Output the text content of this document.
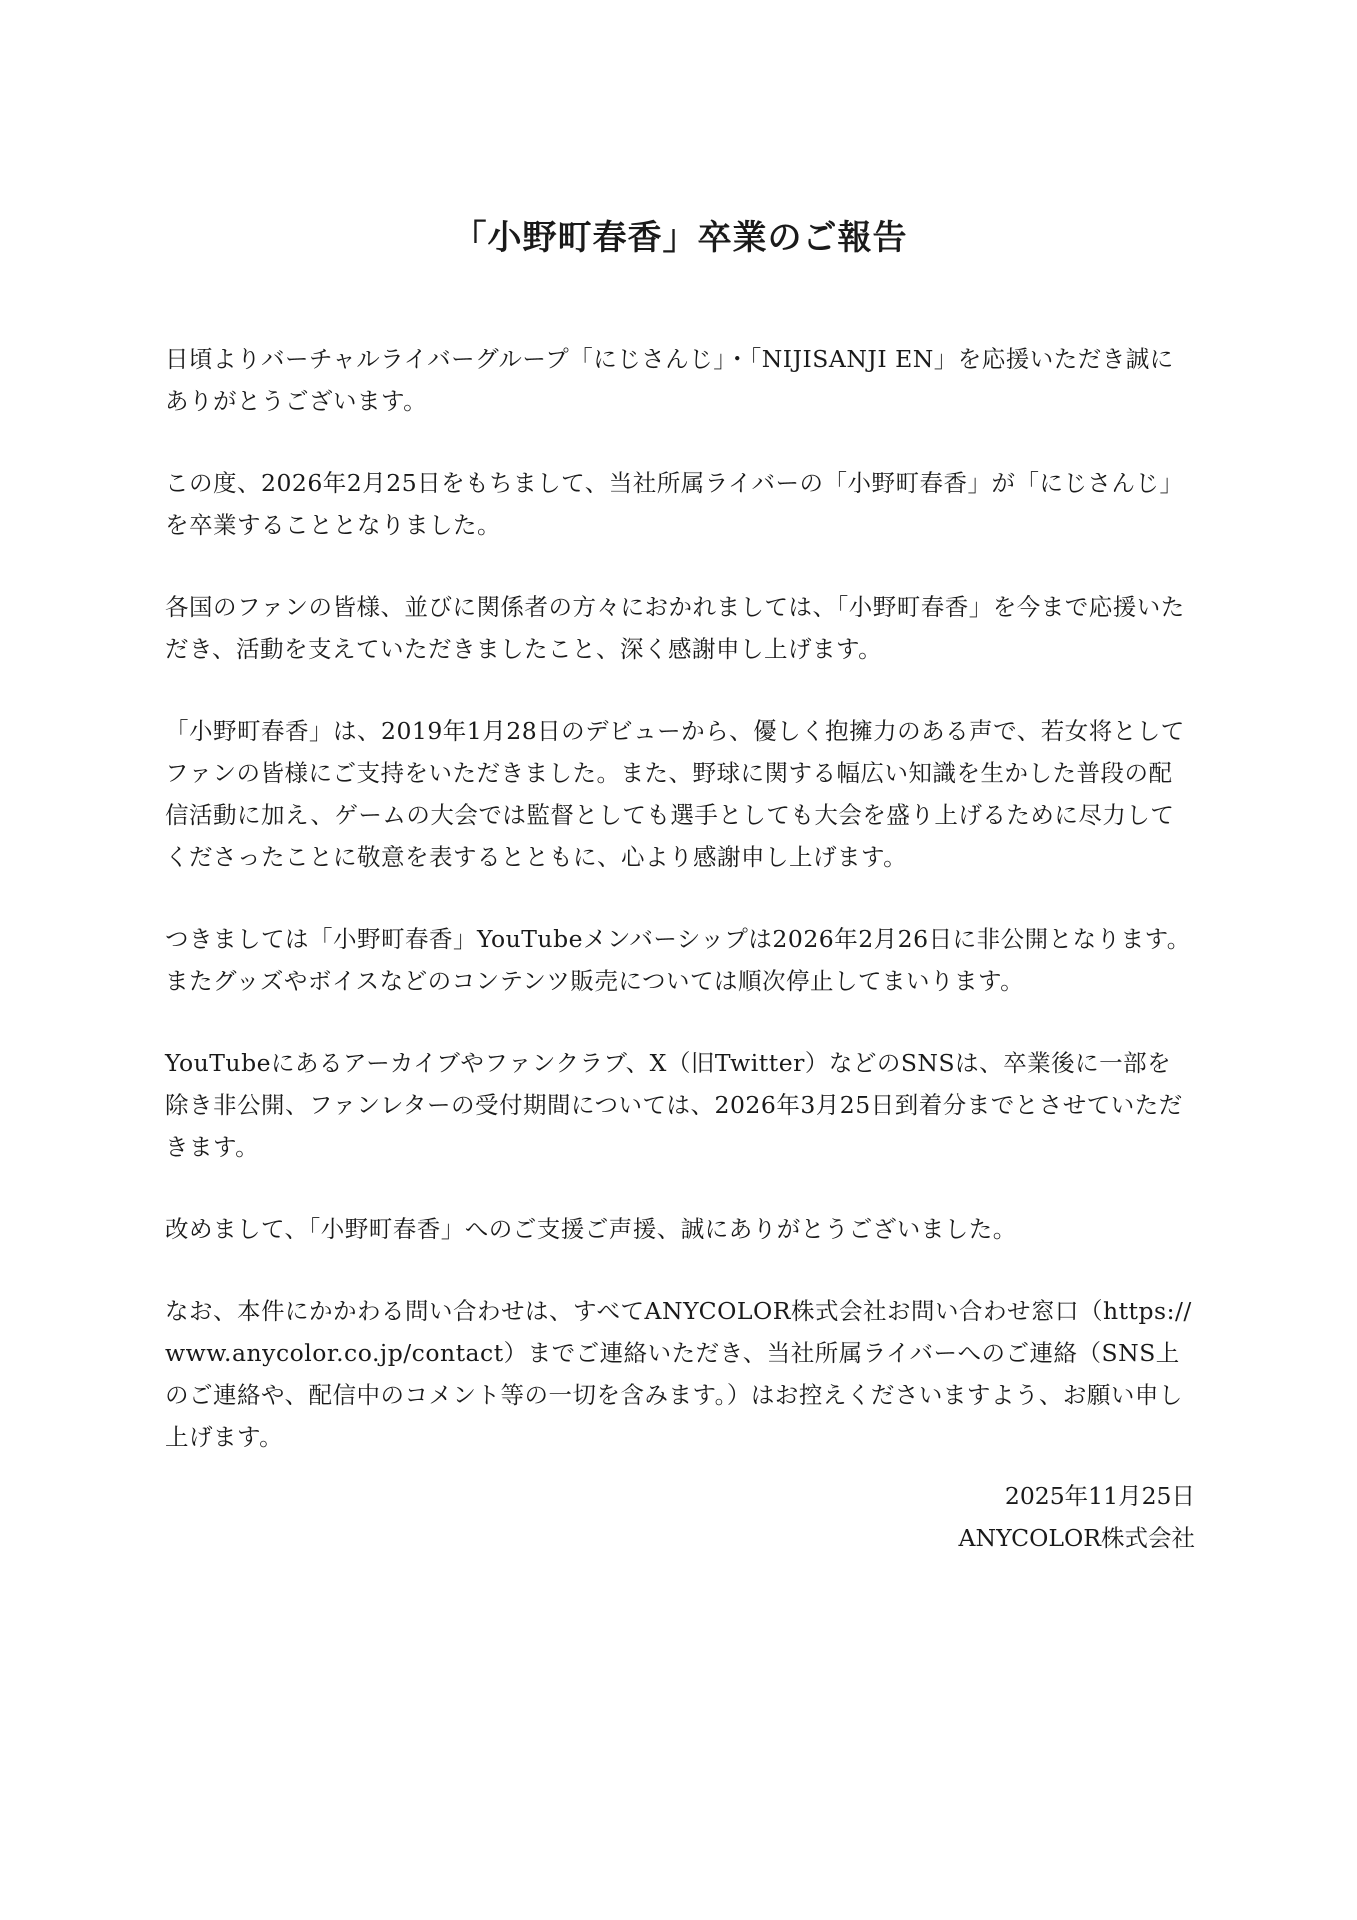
「小野町春香」卒業のご報告

日頃よりバーチャルライバーグループ「にじさんじ」・「NIJISANJI EN」を応援いただき誠にありがとうございます。

この度、2026年2月25日をもちまして、当社所属ライバーの「小野町春香」が「にじさんじ」を卒業することとなりました。

各国のファンの皆様、並びに関係者の方々におかれましては、「小野町春香」を今まで応援いただき、活動を支えていただきましたこと、深く感謝申し上げます。

「小野町春香」は、2019年1月28日のデビューから、優しく抱擁力のある声で、若女将としてファンの皆様にご支持をいただきました。また、野球に関する幅広い知識を生かした普段の配信活動に加え、ゲームの大会では監督としても選手としても大会を盛り上げるために尽力してくださったことに敬意を表するとともに、心より感謝申し上げます。

つきましては「小野町春香」YouTubeメンバーシップは2026年2月26日に非公開となります。またグッズやボイスなどのコンテンツ販売については順次停止してまいります。

YouTubeにあるアーカイブやファンクラブ、X（旧Twitter）などのSNSは、卒業後に一部を除き非公開、ファンレターの受付期間については、2026年3月25日到着分までとさせていただきます。

改めまして、「小野町春香」へのご支援ご声援、誠にありがとうございました。

なお、本件にかかわる問い合わせは、すべてANYCOLOR株式会社お問い合わせ窓口（https://www.anycolor.co.jp/contact）までご連絡いただき、当社所属ライバーへのご連絡（SNS上のご連絡や、配信中のコメント等の一切を含みます。）はお控えくださいますよう、お願い申し上げます。

2025年11月25日
ANYCOLOR株式会社
